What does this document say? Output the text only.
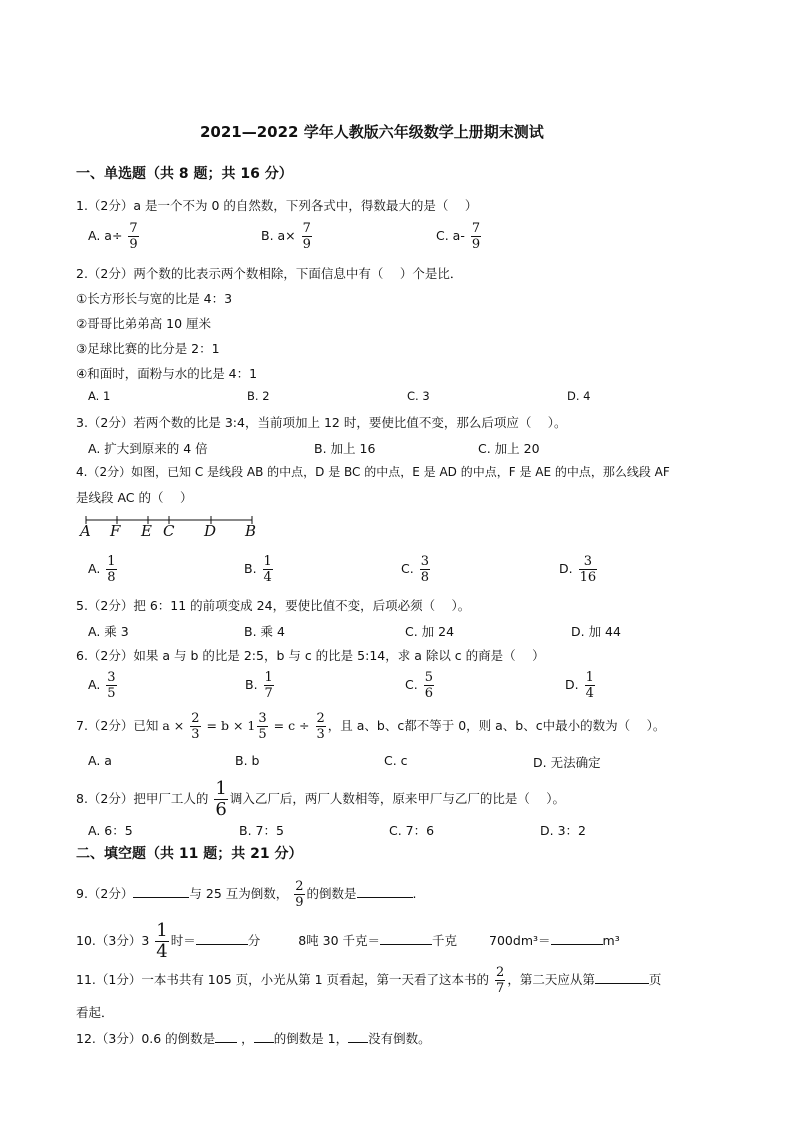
2021—2022 学年人教版六年级数学上册期末测试
一、单选题（共 8 题；共 16 分）
1.（2分）a 是一个不为 0 的自然数，下列各式中，得数最大的是（　 ）
A. $a\div \frac{7}{9}$	B. $a\times \frac{7}{9}$	C. $a- \frac{7}{9}$
2.（2分）两个数的比表示两个数相除，下面信息中有（　 ）个是比．
①长方形长与宽的比是 4：3
②哥哥比弟弟高 10 厘米
③足球比赛的比分是 2：1
④和面时，面粉与水的比是 4：1
A. 1	B. 2	C. 3	D. 4
3.（2分）若两个数的比是 3:4，当前项加上 12 时，要使比值不变，那么后项应（　 ）。
A. 扩大到原来的 4 倍	B. 加上 16	C. 加上 20
4.（2分）如图，已知 C 是线段 AB 的中点，D 是 BC 的中点，E 是 AD 的中点，F 是 AE 的中点，那么线段 AF
是线段 AC 的（　 ）
A F E C D B
A. $\frac{1}{8}$	B. $\frac{1}{4}$	C. $\frac{3}{8}$	D. $\frac{3}{16}$
5.（2分）把 6：11 的前项变成 24，要使比值不变，后项必须（　 ）。
A. 乘 3	B. 乘 4	C. 加 24	D. 加 44
6.（2分）如果 a 与 b 的比是 2:5，b 与 c 的比是 5:14，求 a 除以 c 的商是（　 ）
A. $\frac{3}{5}$	B. $\frac{1}{7}$	C. $\frac{5}{6}$	D. $\frac{1}{4}$
7.（2分）已知 $a \times \frac{2}{3} = b \times 1 \frac{3}{5} = c \div \frac{2}{3}$ ，且 a、b、c都不等于 0，则 a、b、c中最小的数为（　 ）。
A. a	B. b	C. c	D. 无法确定
8.（2分）把甲厂工人的 $\frac{1}{6}$ 调入乙厂后，两厂人数相等，原来甲厂与乙厂的比是（　 ）。
A. 6：5	B. 7：5	C. 7：6	D. 3：2
二、填空题（共 11 题；共 21 分）
9.（2分）	与 25 互为倒数， $\frac{2}{9}$ 的倒数是	.
10.（3分）$3 \frac{1}{4}$ 时＝	分	8吨 30 千克＝	千克	700dm³＝	m³
11.（1分）一本书共有 105 页，小光从第 1 页看起，第一天看了这本书的 $\frac{2}{7}$ ，第二天应从第	页
看起．
12.（3分）0.6 的倒数是 ， 的倒数是 1， 没有倒数。
